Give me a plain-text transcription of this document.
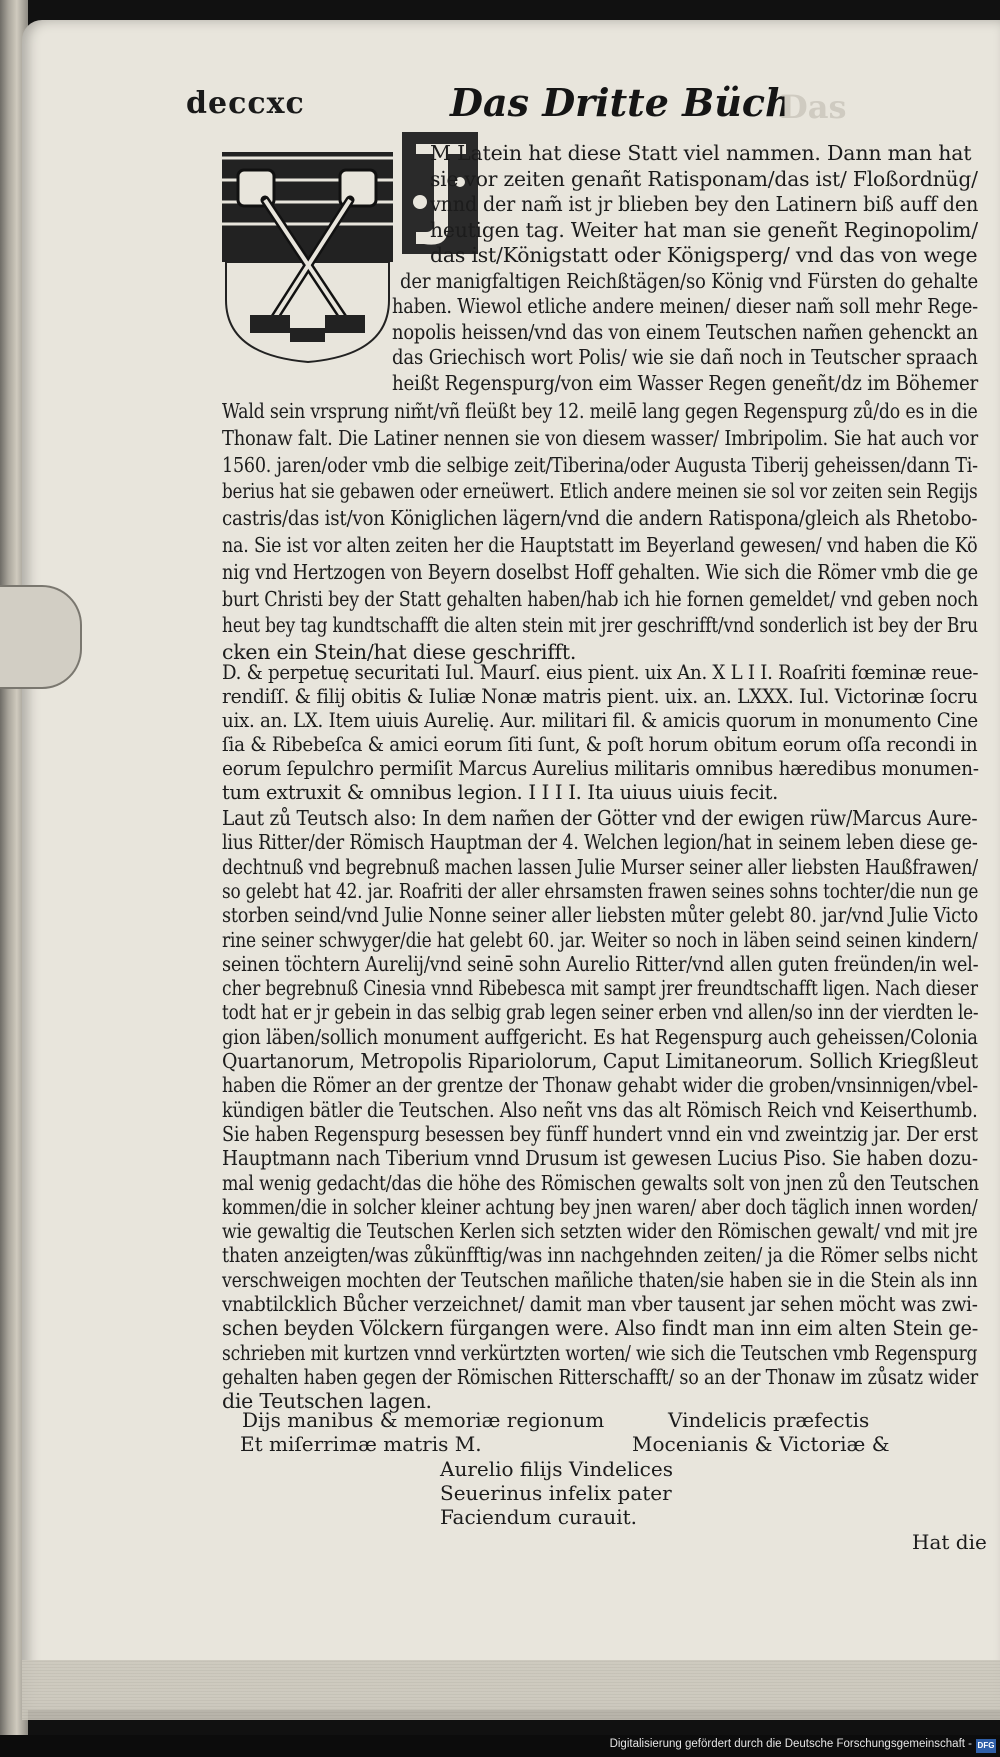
deccxc	Das Dritte Büch
Das
M Latein hat diese Statt viel nammen. Dann man hat
sie vor zeiten genañt Ratisponam/das ist/ Floßordnüg/
vnnd der nam̃ ist jr blieben bey den Latinern biß auff den
heutigen tag. Weiter hat man sie geneñt Reginopolim/
das ist/Königstatt oder Königsperg/ vnd das von wege
der manigfaltigen Reichßtägen/so König vnd Fürsten do gehalte
haben. Wiewol etliche andere meinen/ dieser nam̃ soll mehr Rege-
nopolis heissen/vnd das von einem Teutschen nam̃en gehenckt an
das Griechisch wort Polis/ wie sie dañ noch in Teutscher spraach
heißt Regenspurg/von eim Wasser Regen geneñt/dz im Böhemer
Wald sein vrsprung nim̃t/vñ fleüßt bey 12. meilē lang gegen Regenspurg zů/do es in die
Thonaw falt. Die Latiner nennen sie von diesem wasser/ Imbripolim. Sie hat auch vor
1560. jaren/oder vmb die selbige zeit/Tiberina/oder Augusta Tiberij geheissen/dann Ti-
berius hat sie gebawen oder erneüwert. Etlich andere meinen sie sol vor zeiten sein Regijs
castris/das ist/von Königlichen lägern/vnd die andern Ratispona/gleich als Rhetobo-
na. Sie ist vor alten zeiten her die Hauptstatt im Beyerland gewesen/ vnd haben die Kö
nig vnd Hertzogen von Beyern doselbst Hoff gehalten. Wie sich die Römer vmb die ge
burt Christi bey der Statt gehalten haben/hab ich hie fornen gemeldet/ vnd geben noch
heut bey tag kundtschafft die alten stein mit jrer geschrifft/vnd sonderlich ist bey der Bru
cken ein Stein/hat diese geschrifft.
D. & perpetuę securitati Iul. Maurſ. eius pient. uix An. X L I I. Roaſriti fœminæ reue-
rendiſſ. & filij obitis & Iuliæ Nonæ matris pient. uix. an. LXXX. Iul. Victorinæ ſocru
uix. an. LX. Item uiuis Aurelię. Aur. militari fil. & amicis quorum in monumento Cine
ſia & Ribebeſca & amici eorum ſiti ſunt, & poſt horum obitum eorum oſſa recondi in
eorum ſepulchro permiſit Marcus Aurelius militaris omnibus hæredibus monumen-
tum extruxit & omnibus legion. I I I I. Ita uiuus uiuis fecit.
Laut zů Teutsch also: In dem nam̃en der Götter vnd der ewigen rüw/Marcus Aure-
lius Ritter/der Römisch Hauptman der 4. Welchen legion/hat in seinem leben diese ge-
dechtnuß vnd begrebnuß machen lassen Julie Murser seiner aller liebsten Haußfrawen/
so gelebt hat 42. jar. Roafriti der aller ehrsamsten frawen seines sohns tochter/die nun ge
storben seind/vnd Julie Nonne seiner aller liebsten můter gelebt 80. jar/vnd Julie Victo
rine seiner schwyger/die hat gelebt 60. jar. Weiter so noch in läben seind seinen kindern/
seinen töchtern Aurelij/vnd seinē sohn Aurelio Ritter/vnd allen guten freünden/in wel-
cher begrebnuß Cinesia vnnd Ribebesca mit sampt jrer freundtschafft ligen. Nach dieser
todt hat er jr gebein in das selbig grab legen seiner erben vnd allen/so inn der vierdten le-
gion läben/sollich monument auffgericht. Es hat Regenspurg auch geheissen/Colonia
Quartanorum, Metropolis Ripariolorum, Caput Limitaneorum. Sollich Kriegßleut
haben die Römer an der grentze der Thonaw gehabt wider die groben/vnsinnigen/vbel-
kündigen bätler die Teutschen. Also neñt vns das alt Römisch Reich vnd Keiserthumb.
Sie haben Regenspurg besessen bey fünff hundert vnnd ein vnd zweintzig jar. Der erst
Hauptmann nach Tiberium vnnd Drusum ist gewesen Lucius Piso. Sie haben dozu-
mal wenig gedacht/das die höhe des Römischen gewalts solt von jnen zů den Teutschen
kommen/die in solcher kleiner achtung bey jnen waren/ aber doch täglich innen worden/
wie gewaltig die Teutschen Kerlen sich setzten wider den Römischen gewalt/ vnd mit jre
thaten anzeigten/was zůkünfftig/was inn nachgehnden zeiten/ ja die Römer selbs nicht
verschweigen mochten der Teutschen mañliche thaten/sie haben sie in die Stein als inn
vnabtilcklich Bůcher verzeichnet/ damit man vber tausent jar sehen möcht was zwi-
schen beyden Völckern fürgangen were. Also findt man inn eim alten Stein ge-
schrieben mit kurtzen vnnd verkürtzten worten/ wie sich die Teutschen vmb Regenspurg
gehalten haben gegen der Römischen Ritterschafft/ so an der Thonaw im zůsatz wider
die Teutschen lagen.
Dijs manibus & memoriæ regionum	Vindelicis præfectis
Et miſerrimæ matris M.	Mocenianis & Victoriæ &
Aurelio filijs Vindelices
Seuerinus infelix pater
Faciendum curauit.
Hat die
Digitalisierung gefördert durch die Deutsche Forschungsgemeinschaft - DFG
